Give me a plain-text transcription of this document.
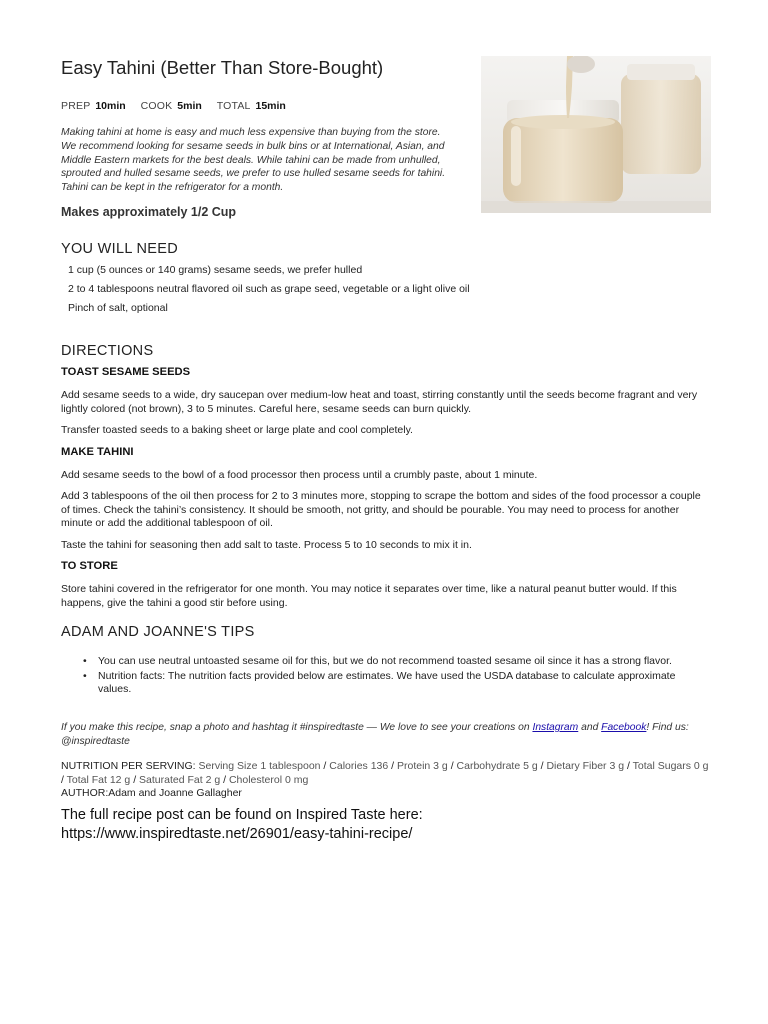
Easy Tahini (Better Than Store-Bought)
PREP 10min COOK 5min TOTAL 15min

Making tahini at home is easy and much less expensive than buying from the store. We recommend looking for sesame seeds in bulk bins or at International, Asian, and Middle Eastern markets for the best deals. While tahini can be made from unhulled, sprouted and hulled sesame seeds, we prefer to use hulled sesame seeds for tahini. Tahini can be kept in the refrigerator for a month.

Makes approximately 1/2 Cup

YOU WILL NEED
1 cup (5 ounces or 140 grams) sesame seeds, we prefer hulled
2 to 4 tablespoons neutral flavored oil such as grape seed, vegetable or a light olive oil
Pinch of salt, optional
DIRECTIONS
TOAST SESAME SEEDS

Add sesame seeds to a wide, dry saucepan over medium-low heat and toast, stirring constantly until the seeds become fragrant and very lightly colored (not brown), 3 to 5 minutes. Careful here, sesame seeds can burn quickly.

Transfer toasted seeds to a baking sheet or large plate and cool completely.

MAKE TAHINI

Add sesame seeds to the bowl of a food processor then process until a crumbly paste, about 1 minute.

Add 3 tablespoons of the oil then process for 2 to 3 minutes more, stopping to scrape the bottom and sides of the food processor a couple of times. Check the tahini’s consistency. It should be smooth, not gritty, and should be pourable. You may need to process for another minute or add the additional tablespoon of oil.

Taste the tahini for seasoning then add salt to taste. Process 5 to 10 seconds to mix it in.

TO STORE

Store tahini covered in the refrigerator for one month. You may notice it separates over time, like a natural peanut butter would. If this happens, give the tahini a good stir before using.

ADAM AND JOANNE'S TIPS
• You can use neutral untoasted sesame oil for this, but we do not recommend toasted sesame oil since it has a strong flavor.
• Nutrition facts: The nutrition facts provided below are estimates. We have used the USDA database to calculate approximate values.

If you make this recipe, snap a photo and hashtag it #inspiredtaste — We love to see your creations on Instagram and Facebook! Find us: @inspiredtaste

NUTRITION PER SERVING: Serving Size 1 tablespoon / Calories 136 / Protein 3 g / Carbohydrate 5 g / Dietary Fiber 3 g / Total Sugars 0 g / Total Fat 12 g / Saturated Fat 2 g / Cholesterol 0 mg
AUTHOR:Adam and Joanne Gallagher

The full recipe post can be found on Inspired Taste here:
https://www.inspiredtaste.net/26901/easy-tahini-recipe/
